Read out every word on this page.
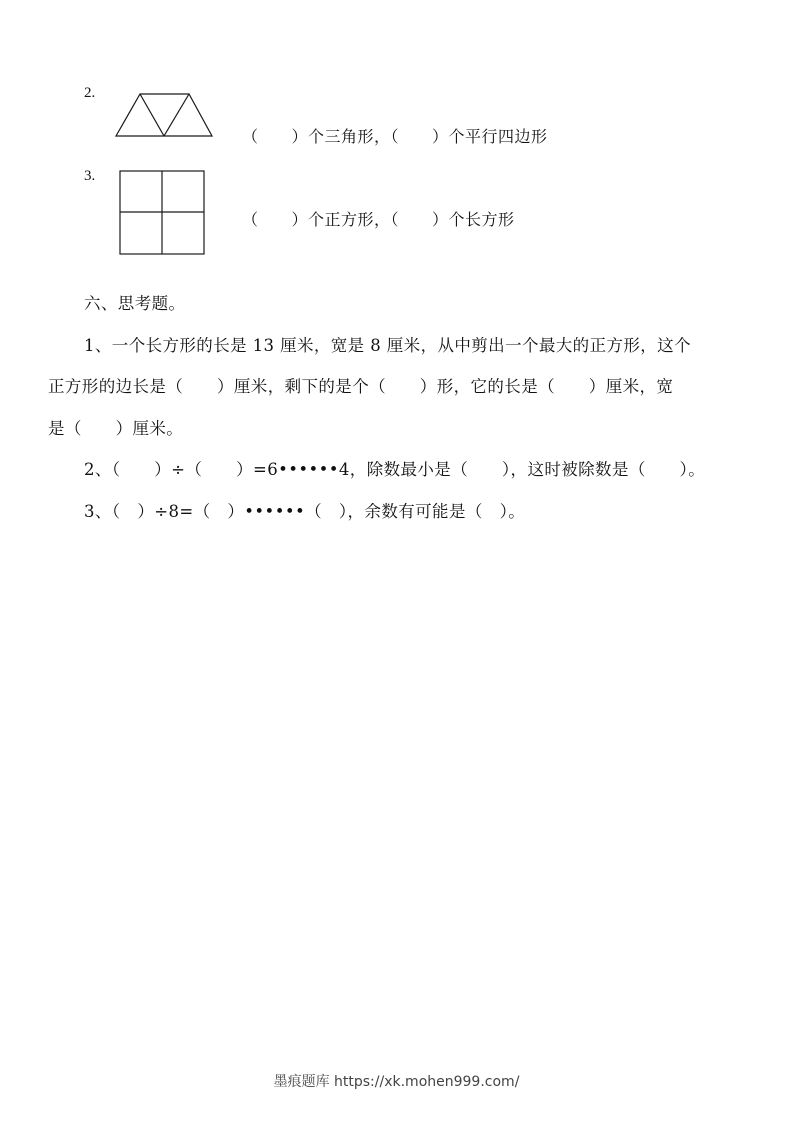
2.
（　　）个三角形，（　　）个平行四边形
3.
（　　）个正方形，（　　）个长方形
六、思考题。
1、一个长方形的长是 13 厘米，宽是 8 厘米，从中剪出一个最大的正方形，这个
正方形的边长是（　　）厘米，剩下的是个（　　）形，它的长是（　　）厘米，宽
是（　　）厘米。
2、（　　）÷（　　）=6••••••4，除数最小是（　　），这时被除数是（　　）。
3、（　）÷8=（　）••••••（　），余数有可能是（　）。
墨痕题库 https://xk.mohen999.com/
